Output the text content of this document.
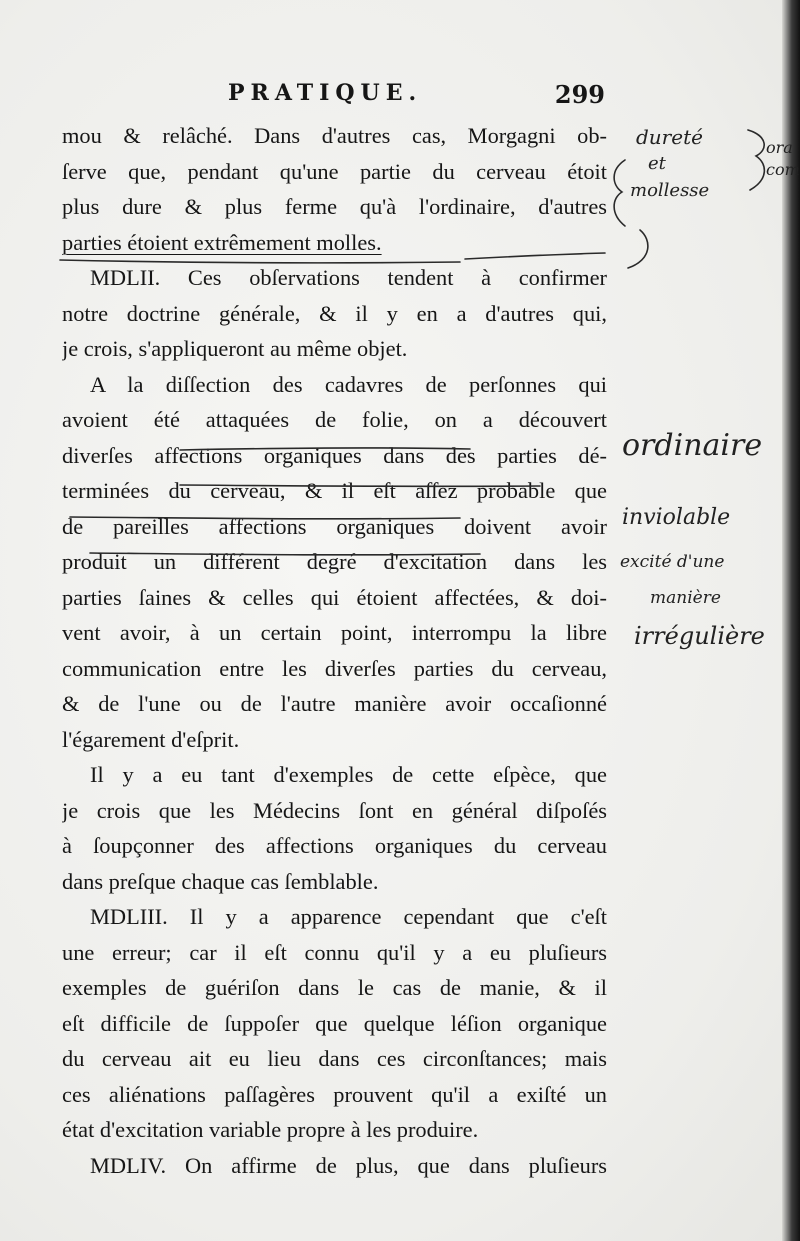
PRATIQUE.	299
mou & relâché. Dans d'autres cas, Morgagni ob-
ſerve que, pendant qu'une partie du cerveau étoit
plus dure & plus ferme qu'à l'ordinaire, d'autres
parties étoient extrêmement molles.
MDLII. Ces obſervations tendent à confirmer
notre doctrine générale, & il y en a d'autres qui,
je crois, s'appliqueront au même objet.
A la diſſection des cadavres de perſonnes qui
avoient été attaquées de folie, on a découvert
diverſes affections organiques dans des parties dé-
terminées du cerveau, & il eſt aſſez probable que
de pareilles affections organiques doivent avoir
produit un différent degré d'excitation dans les
parties ſaines & celles qui étoient affectées, & doi-
vent avoir, à un certain point, interrompu la libre
communication entre les diverſes parties du cerveau,
& de l'une ou de l'autre manière avoir occaſionné
l'égarement d'eſprit.
Il y a eu tant d'exemples de cette eſpèce, que
je crois que les Médecins ſont en général diſpoſés
à ſoupçonner des affections organiques du cerveau
dans preſque chaque cas ſemblable.
MDLIII. Il y a apparence cependant que c'eſt
une erreur; car il eſt connu qu'il y a eu pluſieurs
exemples de guériſon dans le cas de manie, & il
eſt difficile de ſuppoſer que quelque léſion organique
du cerveau ait eu lieu dans ces circonſtances; mais
ces aliénations paſſagères prouvent qu'il a exiſté un
état d'excitation variable propre à les produire.
MDLIV. On affirme de plus, que dans pluſieurs
dureté
et
mollesse
ora
com
ordinaire
inviolable
excité d'une
manière
irrégulière
